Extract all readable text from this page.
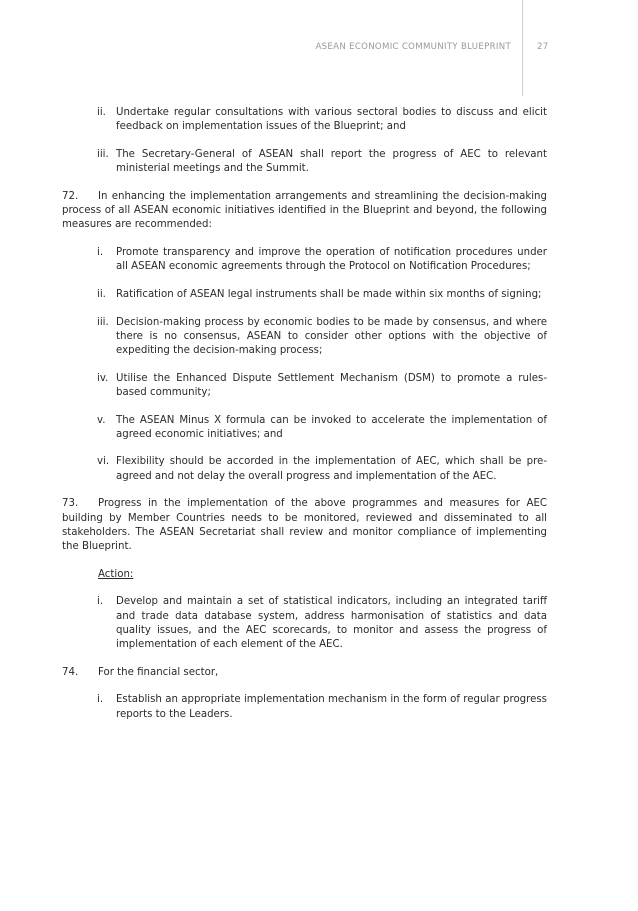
ASEAN ECONOMIC COMMUNITY BLUEPRINT	27
ii. Undertake regular consultations with various sectoral bodies to discuss and elicit feedback on implementation issues of the Blueprint; and
iii. The Secretary-General of ASEAN shall report the progress of AEC to relevant ministerial meetings and the Summit.
72. In enhancing the implementation arrangements and streamlining the decision-making process of all ASEAN economic initiatives identified in the Blueprint and beyond, the following measures are recommended:
i. Promote transparency and improve the operation of notification procedures under all ASEAN economic agreements through the Protocol on Notification Procedures;
ii. Ratification of ASEAN legal instruments shall be made within six months of signing;
iii. Decision-making process by economic bodies to be made by consensus, and where there is no consensus, ASEAN to consider other options with the objective of expediting the decision-making process;
iv. Utilise the Enhanced Dispute Settlement Mechanism (DSM) to promote a rules-based community;
v. The ASEAN Minus X formula can be invoked to accelerate the implementation of agreed economic initiatives; and
vi. Flexibility should be accorded in the implementation of AEC, which shall be pre-agreed and not delay the overall progress and implementation of the AEC.
73. Progress in the implementation of the above programmes and measures for AEC building by Member Countries needs to be monitored, reviewed and disseminated to all stakeholders. The ASEAN Secretariat shall review and monitor compliance of implementing the Blueprint.
Action:
i. Develop and maintain a set of statistical indicators, including an integrated tariff and trade data database system, address harmonisation of statistics and data quality issues, and the AEC scorecards, to monitor and assess the progress of implementation of each element of the AEC.
74. For the financial sector,
i. Establish an appropriate implementation mechanism in the form of regular progress reports to the Leaders.
